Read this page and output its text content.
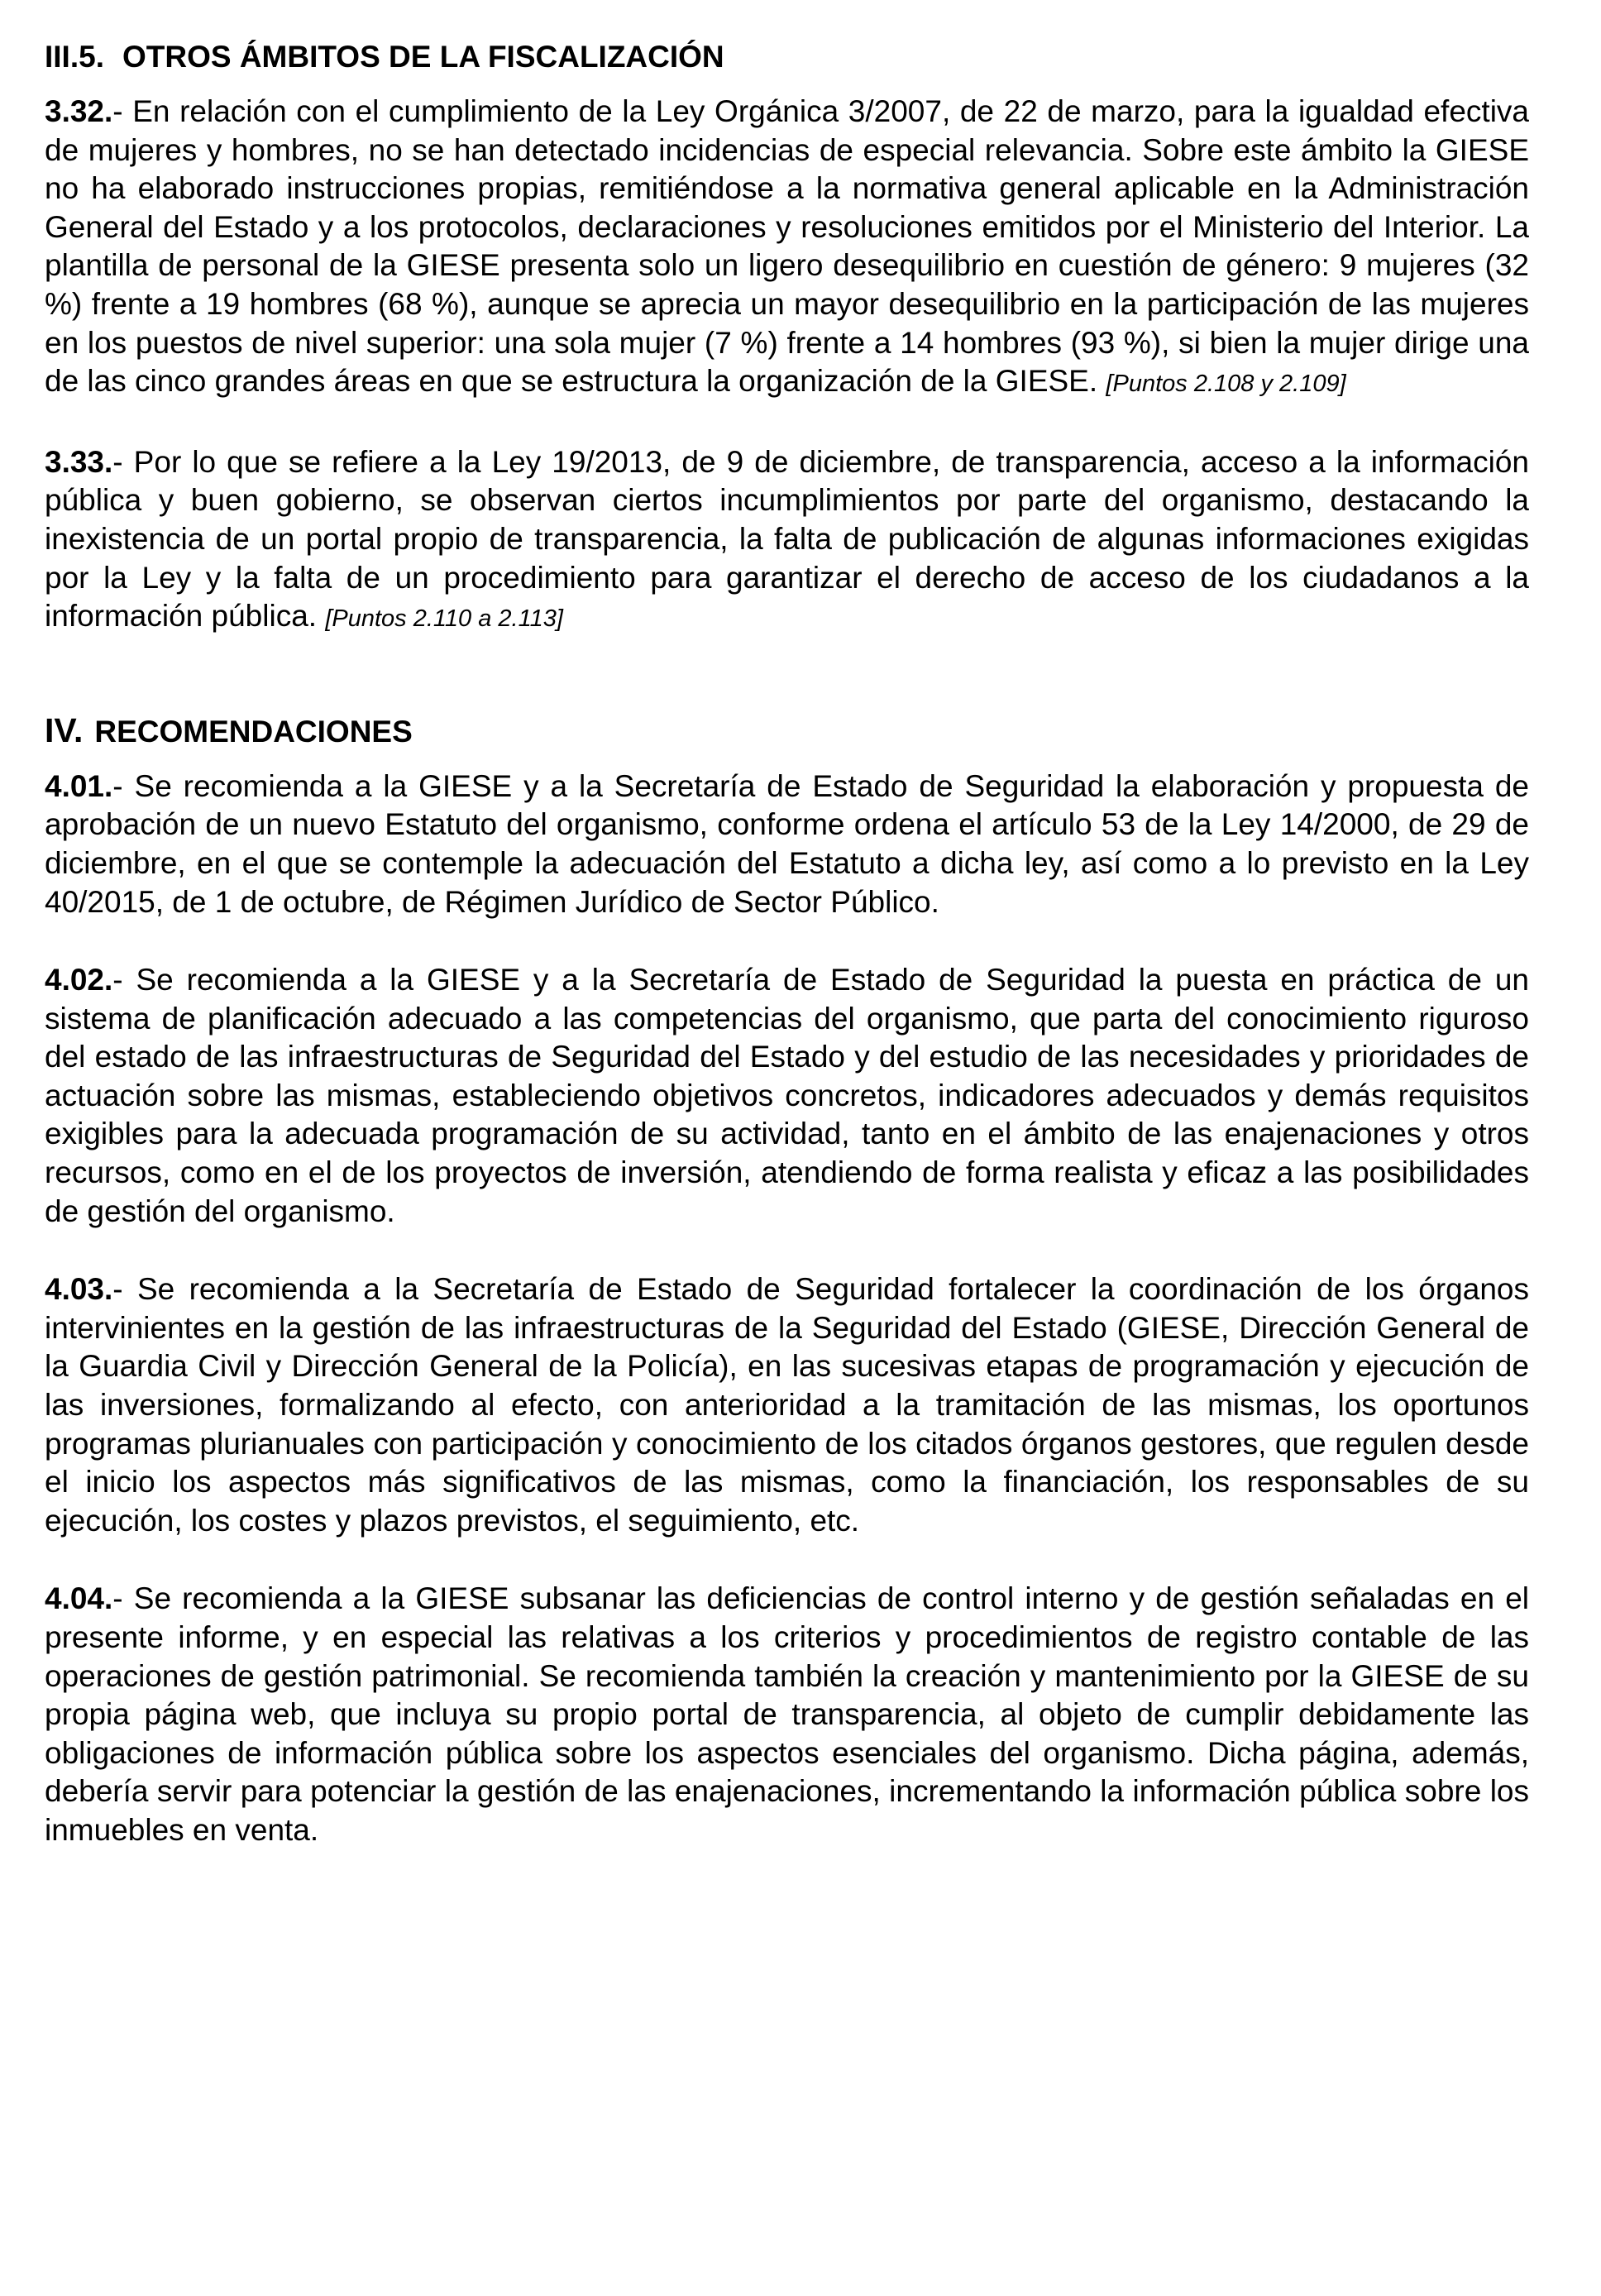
III.5. OTROS ÁMBITOS DE LA FISCALIZACIÓN

3.32.- En relación con el cumplimiento de la Ley Orgánica 3/2007, de 22 de marzo, para la igualdad efectiva de mujeres y hombres, no se han detectado incidencias de especial relevancia. Sobre este ámbito la GIESE no ha elaborado instrucciones propias, remitiéndose a la normativa general aplicable en la Administración General del Estado y a los protocolos, declaraciones y resoluciones emitidos por el Ministerio del Interior. La plantilla de personal de la GIESE presenta solo un ligero desequilibrio en cuestión de género: 9 mujeres (32 %) frente a 19 hombres (68 %), aunque se aprecia un mayor desequilibrio en la participación de las mujeres en los puestos de nivel superior: una sola mujer (7 %) frente a 14 hombres (93 %), si bien la mujer dirige una de las cinco grandes áreas en que se estructura la organización de la GIESE. [Puntos 2.108 y 2.109]

3.33.- Por lo que se refiere a la Ley 19/2013, de 9 de diciembre, de transparencia, acceso a la información pública y buen gobierno, se observan ciertos incumplimientos por parte del organismo, destacando la inexistencia de un portal propio de transparencia, la falta de publicación de algunas informaciones exigidas por la Ley y la falta de un procedimiento para garantizar el derecho de acceso de los ciudadanos a la información pública. [Puntos 2.110 a 2.113]

IV. RECOMENDACIONES

4.01.- Se recomienda a la GIESE y a la Secretaría de Estado de Seguridad la elaboración y propuesta de aprobación de un nuevo Estatuto del organismo, conforme ordena el artículo 53 de la Ley 14/2000, de 29 de diciembre, en el que se contemple la adecuación del Estatuto a dicha ley, así como a lo previsto en la Ley 40/2015, de 1 de octubre, de Régimen Jurídico de Sector Público.

4.02.- Se recomienda a la GIESE y a la Secretaría de Estado de Seguridad la puesta en práctica de un sistema de planificación adecuado a las competencias del organismo, que parta del conocimiento riguroso del estado de las infraestructuras de Seguridad del Estado y del estudio de las necesidades y prioridades de actuación sobre las mismas, estableciendo objetivos concretos, indicadores adecuados y demás requisitos exigibles para la adecuada programación de su actividad, tanto en el ámbito de las enajenaciones y otros recursos, como en el de los proyectos de inversión, atendiendo de forma realista y eficaz a las posibilidades de gestión del organismo.

4.03.- Se recomienda a la Secretaría de Estado de Seguridad fortalecer la coordinación de los órganos intervinientes en la gestión de las infraestructuras de la Seguridad del Estado (GIESE, Dirección General de la Guardia Civil y Dirección General de la Policía), en las sucesivas etapas de programación y ejecución de las inversiones, formalizando al efecto, con anterioridad a la tramitación de las mismas, los oportunos programas plurianuales con participación y conocimiento de los citados órganos gestores, que regulen desde el inicio los aspectos más significativos de las mismas, como la financiación, los responsables de su ejecución, los costes y plazos previstos, el seguimiento, etc.

4.04.- Se recomienda a la GIESE subsanar las deficiencias de control interno y de gestión señaladas en el presente informe, y en especial las relativas a los criterios y procedimientos de registro contable de las operaciones de gestión patrimonial. Se recomienda también la creación y mantenimiento por la GIESE de su propia página web, que incluya su propio portal de transparencia, al objeto de cumplir debidamente las obligaciones de información pública sobre los aspectos esenciales del organismo. Dicha página, además, debería servir para potenciar la gestión de las enajenaciones, incrementando la información pública sobre los inmuebles en venta.
